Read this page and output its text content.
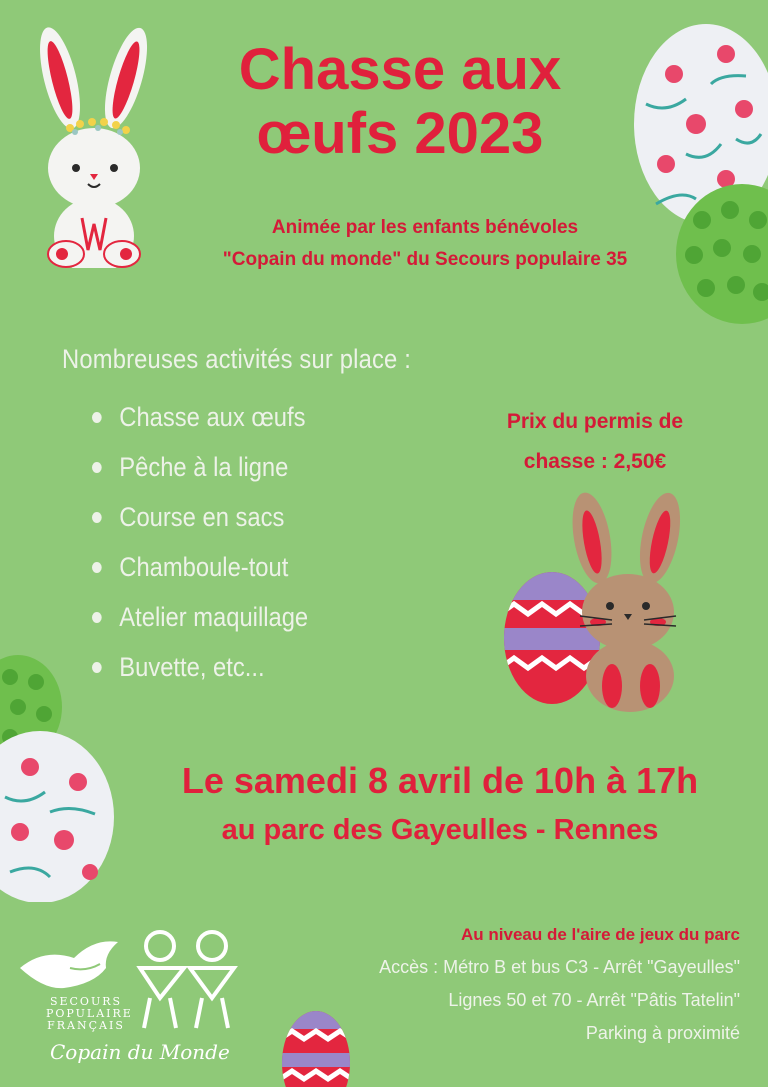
Chasse aux
œufs 2023
Animée par les enfants bénévoles
"Copain du monde" du Secours populaire 35
Nombreuses activités sur place :
Chasse aux œufs
Pêche à la ligne
Course en sacs
Chamboule-tout
Atelier maquillage
Buvette, etc...
Prix du permis de
chasse : 2,50€
Le samedi 8 avril de 10h à 17h
au parc des Gayeulles - Rennes
Au niveau de l'aire de jeux du parc
Accès : Métro B et bus C3 - Arrêt "Gayeulles"
Lignes 50 et 70 - Arrêt "Pâtis Tatelin"
Parking à proximité
SECOURS
POPULAIRE
FRANÇAIS
Copain du Monde
